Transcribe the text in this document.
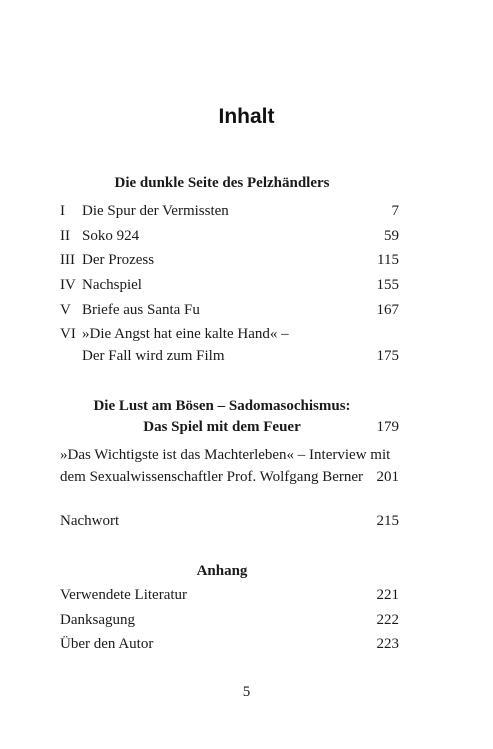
Inhalt
Die dunkle Seite des Pelzhändlers
I Die Spur der Vermissten	7
II Soko 924	59
III Der Prozess	115
IV Nachspiel	155
V Briefe aus Santa Fu	167
VI »Die Angst hat eine kalte Hand« –
Der Fall wird zum Film	175
Die Lust am Bösen – Sadomasochismus:
Das Spiel mit dem Feuer	179
»Das Wichtigste ist das Machterleben« – Interview mit
dem Sexualwissenschaftler Prof. Wolfgang Berner 201
Nachwort	215
Anhang
Verwendete Literatur	221
Danksagung	222
Über den Autor	223
5
